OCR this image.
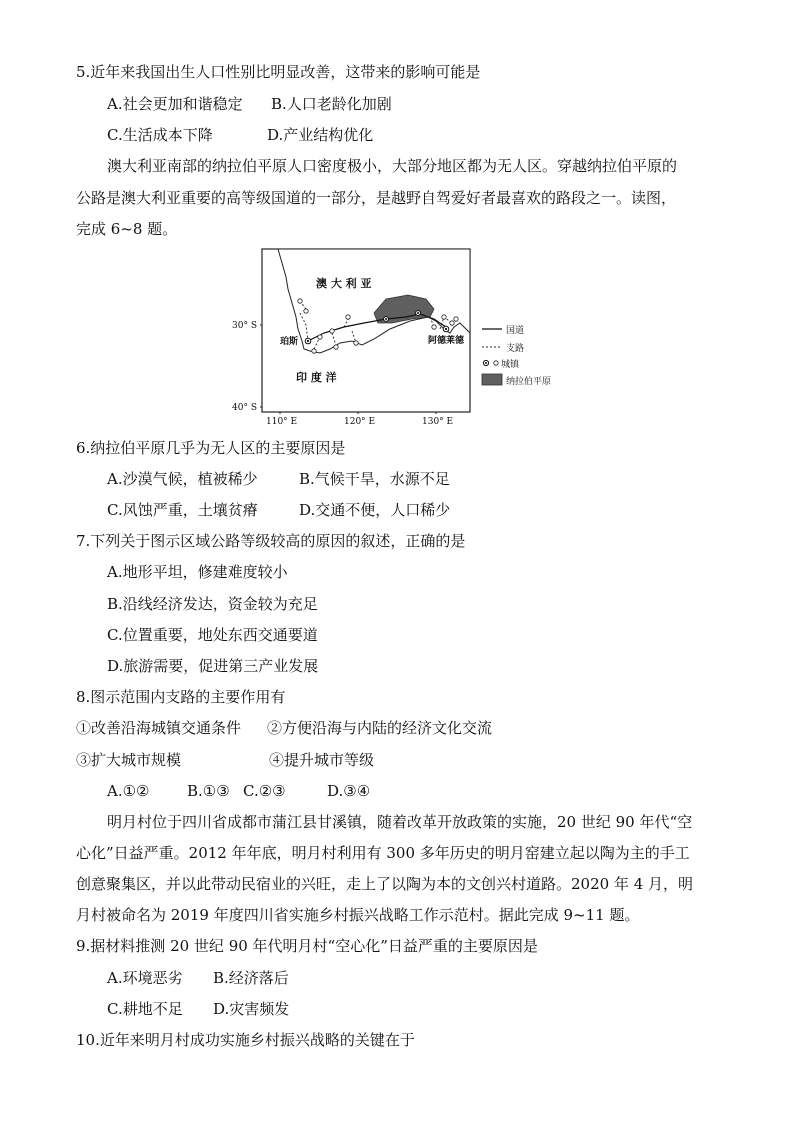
5.近年来我国出生人口性别比明显改善，这带来的影响可能是
A.社会更加和谐稳定 B.人口老龄化加剧
C.生活成本下降	D.产业结构优化
澳大利亚南部的纳拉伯平原人口密度极小，大部分地区都为无人区。穿越纳拉伯平原的
公路是澳大利亚重要的高等级国道的一部分，是越野自驾爱好者最喜欢的路段之一。读图，
完成 6~8 题。
澳 大 利 亚
珀斯	阿德莱德
印 度 洋
30° S
40° S
110° E	120° E	130° E
国道
支路
城镇
纳拉伯平原
6.纳拉伯平原几乎为无人区的主要原因是
A.沙漠气候，植被稀少	B.气候干旱，水源不足
C.风蚀严重，土壤贫瘠	D.交通不便，人口稀少
7.下列关于图示区域公路等级较高的原因的叙述，正确的是
A.地形平坦，修建难度较小
B.沿线经济发达，资金较为充足
C.位置重要，地处东西交通要道
D.旅游需要，促进第三产业发展
8.图示范围内支路的主要作用有
①改善沿海城镇交通条件 ②方便沿海与内陆的经济文化交流
③扩大城市规模	④提升城市等级
A.①②	B.①③ C.②③	D.③④
明月村位于四川省成都市蒲江县甘溪镇，随着改革开放政策的实施，20 世纪 90 年代“空
心化”日益严重。2012 年年底，明月村利用有 300 多年历史的明月窑建立起以陶为主的手工
创意聚集区，并以此带动民宿业的兴旺，走上了以陶为本的文创兴村道路。2020 年 4 月，明
月村被命名为 2019 年度四川省实施乡村振兴战略工作示范村。据此完成 9~11 题。
9.据材料推测 20 世纪 90 年代明月村“空心化”日益严重的主要原因是
A.环境恶劣 B.经济落后
C.耕地不足 D.灾害频发
10.近年来明月村成功实施乡村振兴战略的关键在于
